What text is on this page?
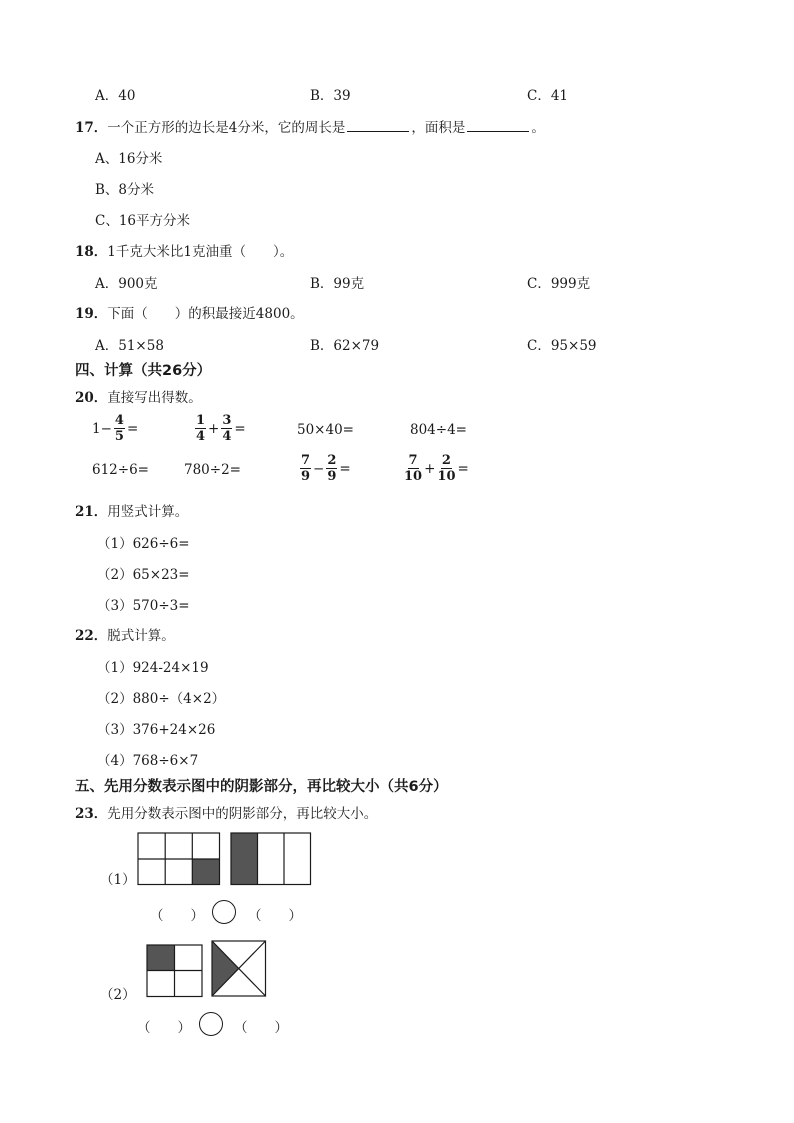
A．40	B．39	C．41
17．一个正方形的边长是4分米，它的周长是	，面积是	。
A、16分米
B、8分米
C、16平方分米
18．1千克大米比1克油重（　　）。
A．900克	B．99克	C．999克
19．下面（　　）的积最接近4800。
A．51×58	B．62×79	C．95×59
四、计算（共26分）
20．直接写出得数。
$1- \frac{4}{5}$ =	$\frac{1}{4} + \frac{3}{4}$ =	50×40=	804÷4=
612÷6=	780÷2=	$\frac{7}{9} - \frac{2}{9}$ =	$\frac{7}{10} + \frac{2}{10}$ =
21．用竖式计算。
（1）626÷6=
（2）65×23=
（3）570÷3=
22．脱式计算。
（1）924-24×19
（2）880÷（4×2）
（3）376+24×26
（4）768÷6×7
五、先用分数表示图中的阴影部分，再比较大小（共6分）
23．先用分数表示图中的阴影部分，再比较大小。
（1）
（　　）	（　　）
（2）
（　　）	（　　）
